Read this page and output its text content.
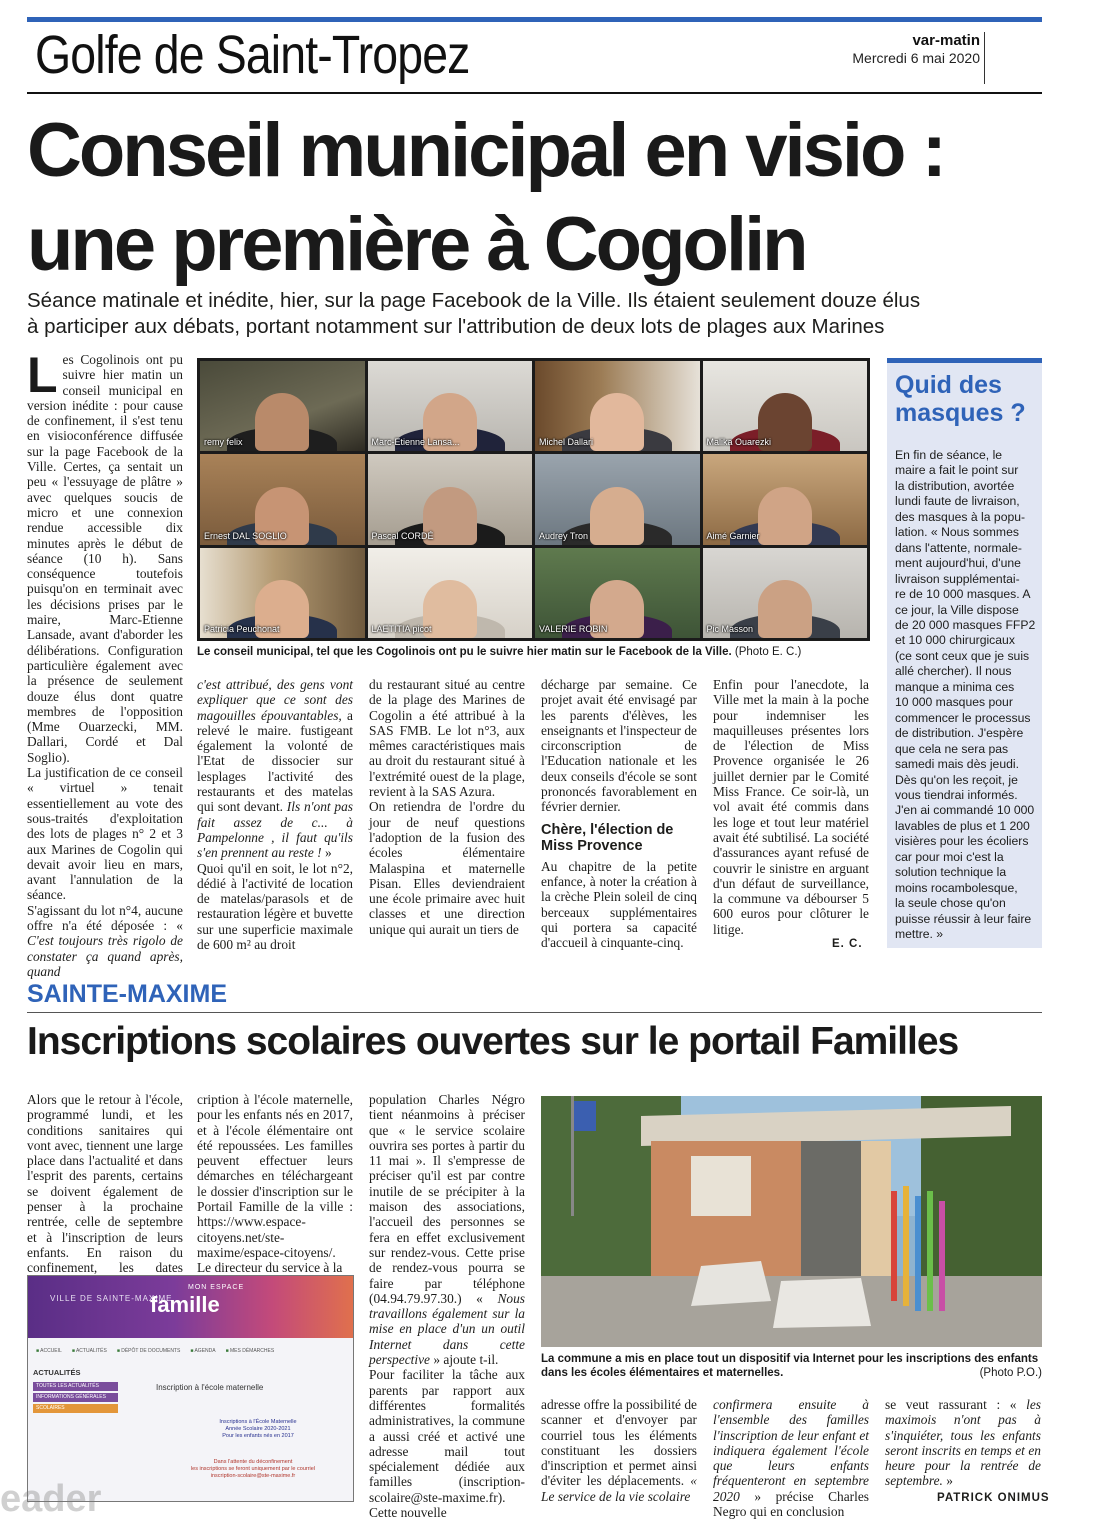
Golfe de Saint-Tropez	var-matin
Mercredi 6 mai 2020
Conseil municipal en visio :
une première à Cogolin
Séance matinale et inédite, hier, sur la page Facebook de la Ville. Ils étaient seulement douze élus
à participer aux débats, portant notamment sur l'attribution de deux lots de plages aux Marines

Les Cogolinois ont pu suivre hier matin un conseil municipal en version inédite : pour cause de confinement, il s'est tenu en visioconférence diffusée sur la page Facebook de la Ville. Certes, ça sentait un peu « l'essuyage de plâtre » avec quelques soucis de micro et une connexion rendue accessible dix minutes après le début de séance (10 h). Sans conséquence toutefois puisqu'on en terminait avec les décisions prises par le maire, Marc-Etienne Lansade, avant d'aborder les délibérations. Configuration particulière également avec la présence de seulement douze élus dont quatre membres de l'opposition (Mme Ouarzecki, MM. Dallari, Cordé et Dal Soglio).

La justification de ce conseil « virtuel » tenait essentiellement au vote des sous-traités d'exploitation des lots de plages n° 2 et 3 aux Marines de Cogolin qui devait avoir lieu en mars, avant l'annulation de la séance.

S'agissant du lot n°4, aucune offre n'a été déposée : « C'est toujours très rigolo de constater ça quand après, quand

remy felix	Marc-Etienne Lansa...	Michel Dallari	Malika Ouarezki
Ernest DAL SOGLIO	Pascal CORDÉ	Audrey Tron	Aimé Garnier
Patricia Peuchonat	LAETITIA picot	VALERIE ROBIN	Pic Masson
Le conseil municipal, tel que les Cogolinois ont pu le suivre hier matin sur le Facebook de la Ville. (Photo E. C.)

c'est attribué, des gens vont expliquer que ce sont des magouilles épouvantables, a relevé le maire. fustigeant également la volonté de l'Etat de dissocier sur lesplages l'activité des restaurants et des matelas qui sont devant. Ils n'ont pas fait assez de c... à Pampelonne , il faut qu'ils s'en prennent au reste ! »

Quoi qu'il en soit, le lot n°2, dédié à l'activité de location de matelas/parasols et de restauration légère et buvette sur une superficie maximale de 600 m² au droit

du restaurant situé au centre de la plage des Marines de Cogolin a été attribué à la SAS FMB. Le lot n°3, aux mêmes caractéristiques mais au droit du restaurant situé à l'extrémité ouest de la plage, revient à la SAS Azura.

On retiendra de l'ordre du jour de neuf questions l'adoption de la fusion des écoles élémentaire Malaspina et maternelle Pisan. Elles deviendraient une école primaire avec huit classes et une direction unique qui aurait un tiers de

décharge par semaine. Ce projet avait été envisagé par les parents d'élèves, les enseignants et l'inspecteur de circonscription de l'Education nationale et les deux conseils d'école se sont prononcés favorablement en février dernier.

Chère, l'élection de Miss Provence

Au chapitre de la petite enfance, à noter la création à la crèche Plein soleil de cinq berceaux supplémentaires qui portera sa capacité d'accueil à cinquante-cinq.

Enfin pour l'anecdote, la Ville met la main à la poche pour indemniser les maquilleuses présentes lors de l'élection de Miss Provence organisée le 26 juillet dernier par le Comité Miss France. Ce soir-là, un vol avait été commis dans les loge et tout leur matériel avait été subtilisé. La société d'assurances ayant refusé de couvrir le sinistre en arguant d'un défaut de surveillance, la commune va débourser 5 600 euros pour clôturer le litige.

E. C.
Quid des
masques ?
En fin de séance, le
maire a fait le point sur
la distribution, avortée
lundi faute de livraison,
des masques à la popu-
lation. « Nous sommes
dans l'attente, normale-
ment aujourd'hui, d'une
livraison supplémentai-
re de 10 000 masques. A
ce jour, la Ville dispose
de 20 000 masques FFP2
et 10 000 chirurgicaux
(ce sont ceux que je suis
allé chercher). Il nous
manque a minima ces
10 000 masques pour
commencer le processus
de distribution. J'espère
que cela ne sera pas
samedi mais dès jeudi.
Dès qu'on les reçoit, je
vous tiendrai informés.
J'en ai commandé 10 000
lavables de plus et 1 200
visières pour les écoliers
car pour moi c'est la
solution technique la
moins rocambolesque,
la seule chose qu'on
puisse réussir à leur faire
mettre. »
SAINTE-MAXIME
Inscriptions scolaires ouvertes sur le portail Familles

Alors que le retour à l'école, programmé lundi, et les conditions sanitaires qui vont avec, tiennent une large place dans l'actualité et dans l'esprit des parents, certains se doivent également de penser à la prochaine rentrée, celle de septembre et à l'inscription de leurs enfants. En raison du confinement, les dates

cription à l'école maternelle, pour les enfants nés en 2017, et à l'école élémentaire ont été repoussées. Les familles peuvent effectuer leurs démarches en téléchargeant le dossier d'inscription sur le Portail Famille de la ville : https://www.espace-citoyens.net/ste-maxime/espace-citoyens/.

Le directeur du service à la

population Charles Négro tient néanmoins à préciser que « le service scolaire ouvrira ses portes à partir du 11 mai ». Il s'empresse de préciser qu'il est par contre inutile de se précipiter à la maison des associations, l'accueil des personnes se fera en effet exclusivement sur rendez-vous. Cette prise de rendez-vous pourra se faire par téléphone (04.94.79.97.30.) « Nous travaillons également sur la mise en place d'un un outil Internet dans cette perspective » ajoute t-il.

Pour faciliter la tâche aux parents par rapport aux différentes formalités administratives, la commune a aussi créé et activé une adresse mail tout spécialement dédiée aux familles (inscription-scolaire@ste-maxime.fr). Cette nouvelle

La commune a mis en place tout un dispositif via Internet pour les inscriptions des enfants dans les écoles élémentaires et maternelles.	(Photo P.O.)
VILLE DE SAINTE-MAXIME
MON ESPACE
famille
■ ACCUEIL	■ ACTUALITÉS	■ DÉPÔT DE DOCUMENTS	■ AGENDA	■ MES DÉMARCHES
ACTUALITÉS
TOUTES LES ACTUALITÉS
INFORMATIONS GÉNÉRALES
SCOLAIRES
Inscription à l'école maternelle
Inscriptions à l'École Maternelle
Année Scolaire 2020-2021
Pour les enfants nés en 2017
Dans l'attente du déconfinement
les inscriptions se feront uniquement par le courriel
inscription-scolaire@ste-maxime.fr

adresse offre la possibilité de scanner et d'envoyer par courriel tous les éléments constituant les dossiers d'inscription et permet ainsi d'éviter les déplacements. « Le service de la vie scolaire

confirmera ensuite à l'ensemble des familles l'inscription de leur enfant et indiquera également l'école que leurs enfants fréquenteront en septembre 2020 » précise Charles Negro qui en conclusion

se veut rassurant : « les maximois n'ont pas à s'inquiéter, tous les enfants seront inscrits en temps et en heure pour la rentrée de septembre. »

PATRICK ONIMUS
eader
